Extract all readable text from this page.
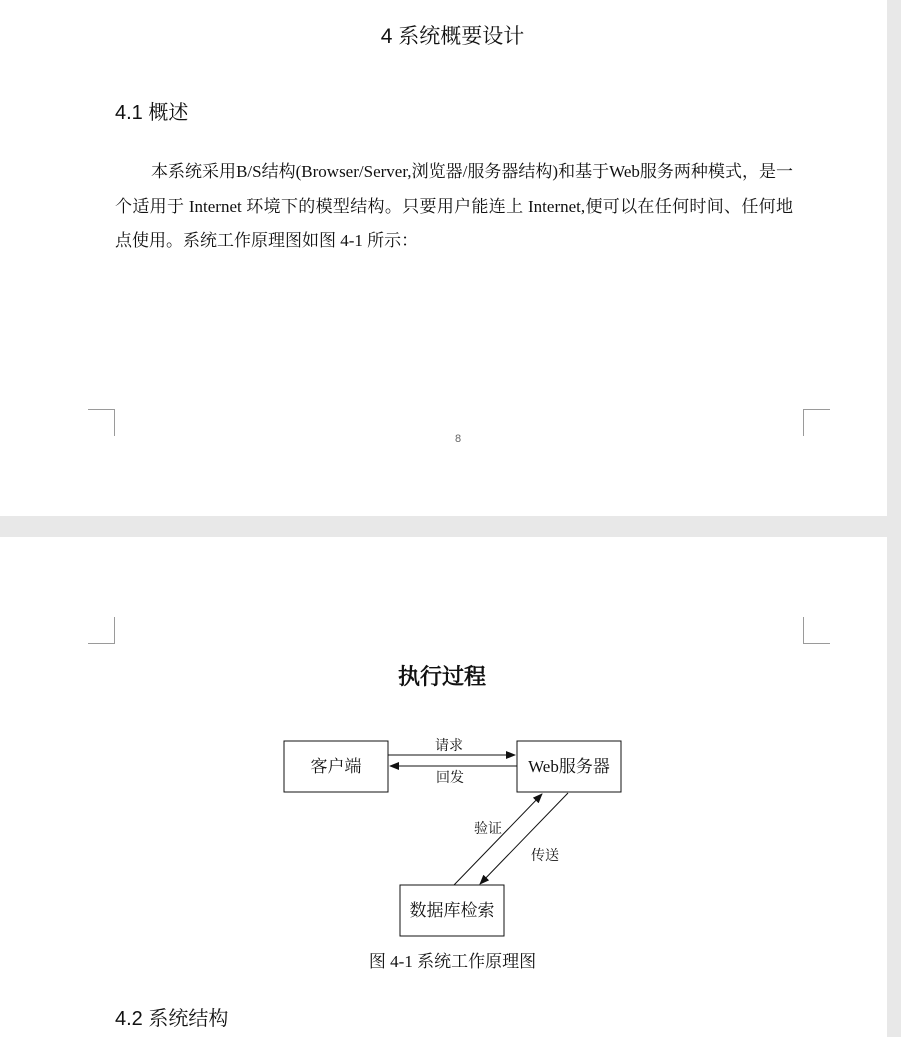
4 系统概要设计
4.1 概述
本系统采用B/S结构(Browser/Server,浏览器/服务器结构)和基于Web服务两种模式，是一个适用于 Internet 环境下的模型结构。只要用户能连上 Internet,便可以在任何时间、任何地点使用。系统工作原理图如图 4-1 所示：
8
执行过程
客户端	Web服务器
数据库检索
请求
回发
验证
传送
图 4-1 系统工作原理图
4.2 系统结构
